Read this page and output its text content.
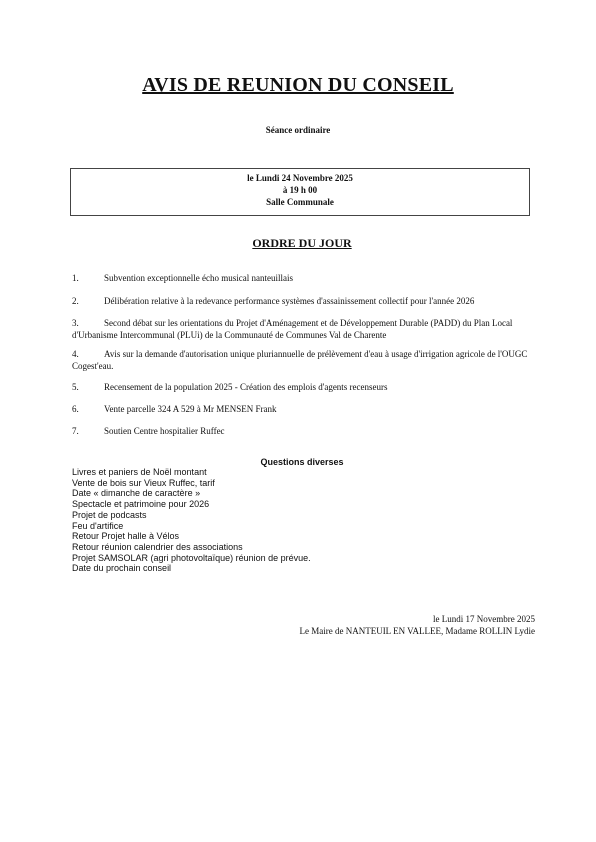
AVIS DE REUNION DU CONSEIL
Séance ordinaire
le Lundi 24 Novembre 2025
à 19 h 00
Salle Communale
ORDRE DU JOUR
1.	Subvention exceptionnelle écho musical nanteuillais
2.	Délibération relative à la redevance performance systèmes d'assainissement collectif pour l'année 2026
3.	Second débat sur les orientations du Projet d'Aménagement et de Développement Durable (PADD) du Plan Local d'Urbanisme Intercommunal (PLUi) de la Communauté de Communes Val de Charente
4.	Avis sur la demande d'autorisation unique pluriannuelle de prélèvement d'eau à usage d'irrigation agricole de l'OUGC Cogest'eau.
5.	Recensement de la population 2025 - Création des emplois d'agents recenseurs
6.	Vente parcelle 324 A 529 à Mr MENSEN Frank
7.	Soutien Centre hospitalier Ruffec
Questions diverses
Livres et paniers de Noël montant
Vente de bois sur Vieux Ruffec, tarif
Date « dimanche de caractère »
Spectacle et patrimoine pour 2026
Projet de podcasts
Feu d'artifice
Retour Projet halle à Vélos
Retour réunion calendrier des associations
Projet SAMSOLAR (agri photovoltaïque) réunion de prévue.
Date du prochain conseil
le Lundi 17 Novembre 2025
Le Maire de NANTEUIL EN VALLEE, Madame ROLLIN Lydie
